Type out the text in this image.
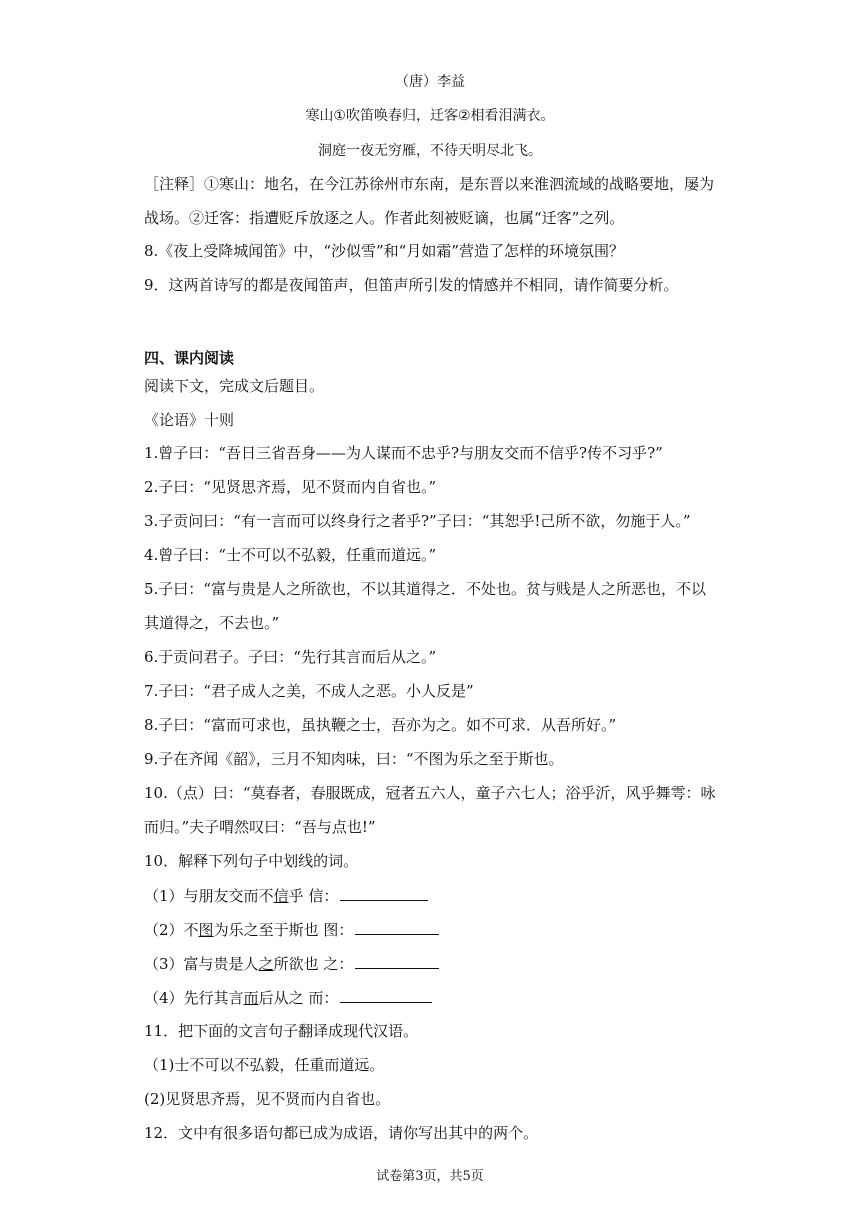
（唐）李益
寒山①吹笛唤春归，迁客②相看泪满衣。
洞庭一夜无穷雁，不待天明尽北飞。
［注释］①寒山：地名，在今江苏徐州市东南，是东晋以来淮泗流域的战略要地，屡为
战场。②迁客：指遭贬斥放逐之人。作者此刻被贬谪，也属“迁客”之列。
8.《夜上受降城闻笛》中，“沙似雪”和“月如霜”营造了怎样的环境氛围？
9．这两首诗写的都是夜闻笛声，但笛声所引发的情感并不相同，请作简要分析。
四、课内阅读
阅读下文，完成文后题目。
《论语》十则
1.曾子曰：“吾日三省吾身——为人谋而不忠乎?与朋友交而不信乎?传不习乎?”
2.子曰：“见贤思齐焉，见不贤而内自省也。”
3.子贡问曰：“有一言而可以终身行之者乎?”子曰：“其恕乎!己所不欲，勿施于人。”
4.曾子曰：“士不可以不弘毅，任重而道远。”
5.子曰：“富与贵是人之所欲也，不以其道得之．不处也。贫与贱是人之所恶也，不以
其道得之，不去也。”
6.于贡问君子。子曰：“先行其言而后从之。”
7.子曰：“君子成人之美，不成人之恶。小人反是”
8.子曰：“富而可求也，虽执鞭之士，吾亦为之。如不可求．从吾所好。”
9.子在齐闻《韶》，三月不知肉味，曰：“不图为乐之至于斯也。
10.（点）曰：“莫春者，春服既成，冠者五六人，童子六七人；浴乎沂，风乎舞雩：咏
而归。”夫子喟然叹曰：“吾与点也!”
10．解释下列句子中划线的词。
（1）与朋友交而不信乎 信：
（2）不图为乐之至于斯也 图：
（3）富与贵是人之所欲也 之：
（4）先行其言而后从之 而：
11．把下面的文言句子翻译成现代汉语。
（1)士不可以不弘毅，任重而道远。
(2)见贤思齐焉，见不贤而内自省也。
12．文中有很多语句都已成为成语，请你写出其中的两个。
试卷第3页，共5页
